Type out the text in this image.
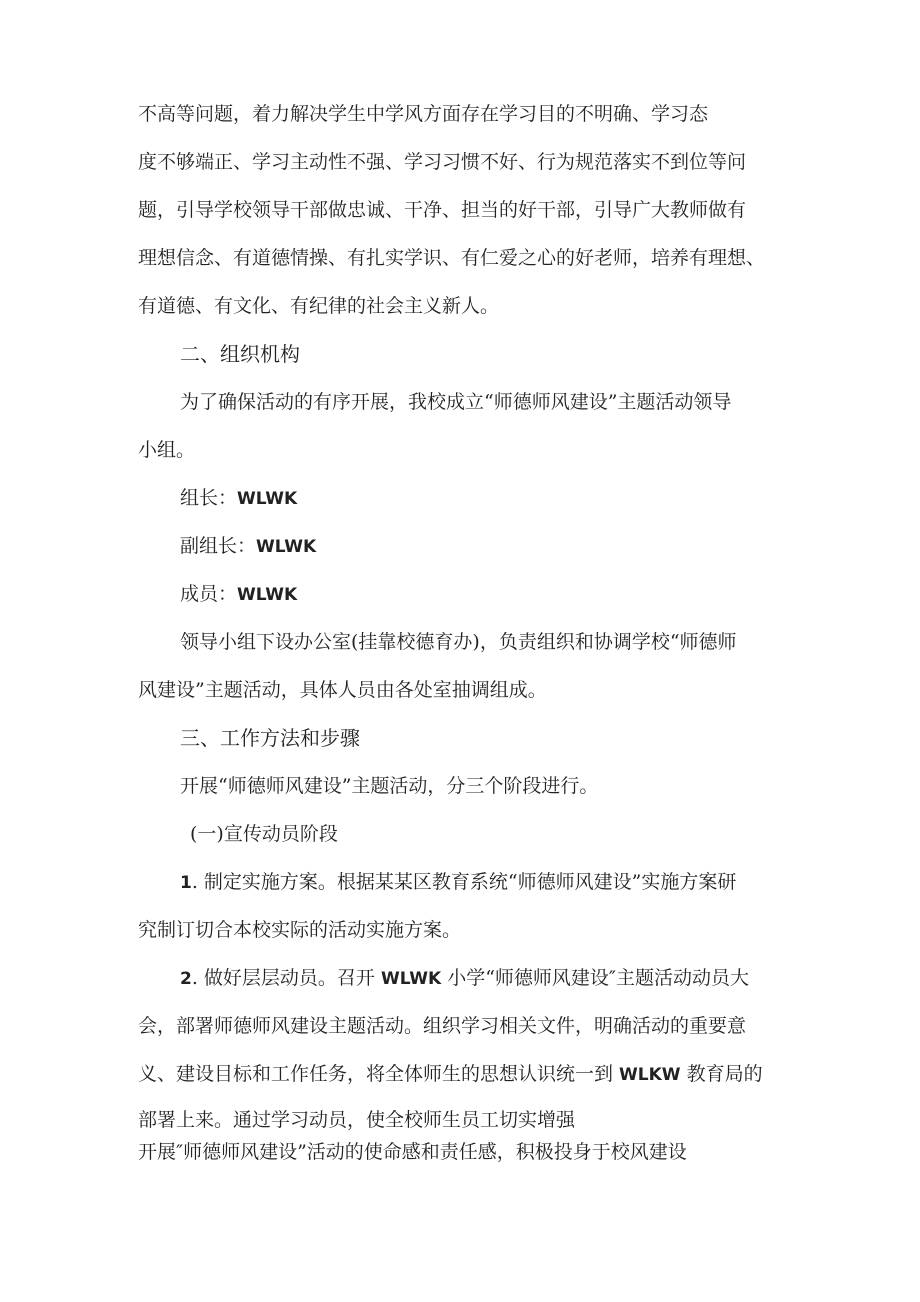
不高等问题，着力解决学生中学风方面存在学习目的不明确、学习态

度不够端正、学习主动性不强、学习习惯不好、行为规范落实不到位等问

题，引导学校领导干部做忠诚、干净、担当的好干部，引导广大教师做有

理想信念、有道德情操、有扎实学识、有仁爱之心的好老师，培养有理想、

有道德、有文化、有纪律的社会主义新人。

二、组织机构

为了确保活动的有序开展，我校成立“师德师风建设”主题活动领导

小组。

组长：WLWK

副组长：WLWK

成员：WLWK

领导小组下设办公室(挂靠校德育办)，负责组织和协调学校“师德师

风建设”主题活动，具体人员由各处室抽调组成。

三、工作方法和步骤

开展“师德师风建设”主题活动，分三个阶段进行。

(一)宣传动员阶段

1. 制定实施方案。根据某某区教育系统“师德师风建设”实施方案研

究制订切合本校实际的活动实施方案。

2. 做好层层动员。召开 WLWK 小学“师德师风建设″主题活动动员大

会，部署师德师风建设主题活动。组织学习相关文件，明确活动的重要意

义、建设目标和工作任务，将全体师生的思想认识统一到 WLKW 教育局的

部署上来。通过学习动员，使全校师生员工切实增强

开展″师德师风建设”活动的使命感和责任感，积极投身于校风建设
